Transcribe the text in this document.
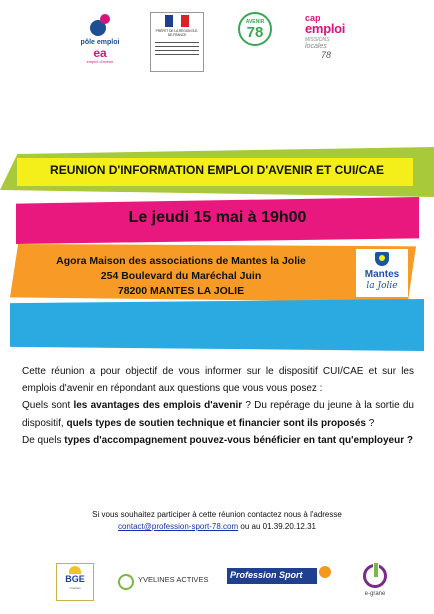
pôle emploi
ea
emploi d'avenir
PRÉFET DE LA RÉGION ÎLE-DE-FRANCE
AVENIR
78
cap
emploi
MISSIONS
locales
78
REUNION D'INFORMATION EMPLOI D'AVENIR ET CUI/CAE
Le jeudi 15 mai à 19h00
Agora Maison des associations de Mantes la Jolie
254 Boulevard du Maréchal Juin
78200 MANTES LA JOLIE
Mantes
la Jolie

Cette réunion a pour objectif de vous informer sur le dispositif CUI/CAE et sur les emplois d'avenir en répondant aux questions que vous vous posez :

Quels sont les avantages des emplois d'avenir ? Du repérage du jeune à la sortie du dispositif, quels types de soutien technique et financier sont ils proposés ?

De quels types d'accompagnement pouvez-vous bénéficier en tant qu'employeur ?

Si vous souhaitez participer à cette réunion contactez nous à l'adresse
contact@profession-sport-78.com ou au 01.39.20.12.31
BGE
Yvelines
YVELINES ACTIVES Profession Sport
e-grane
